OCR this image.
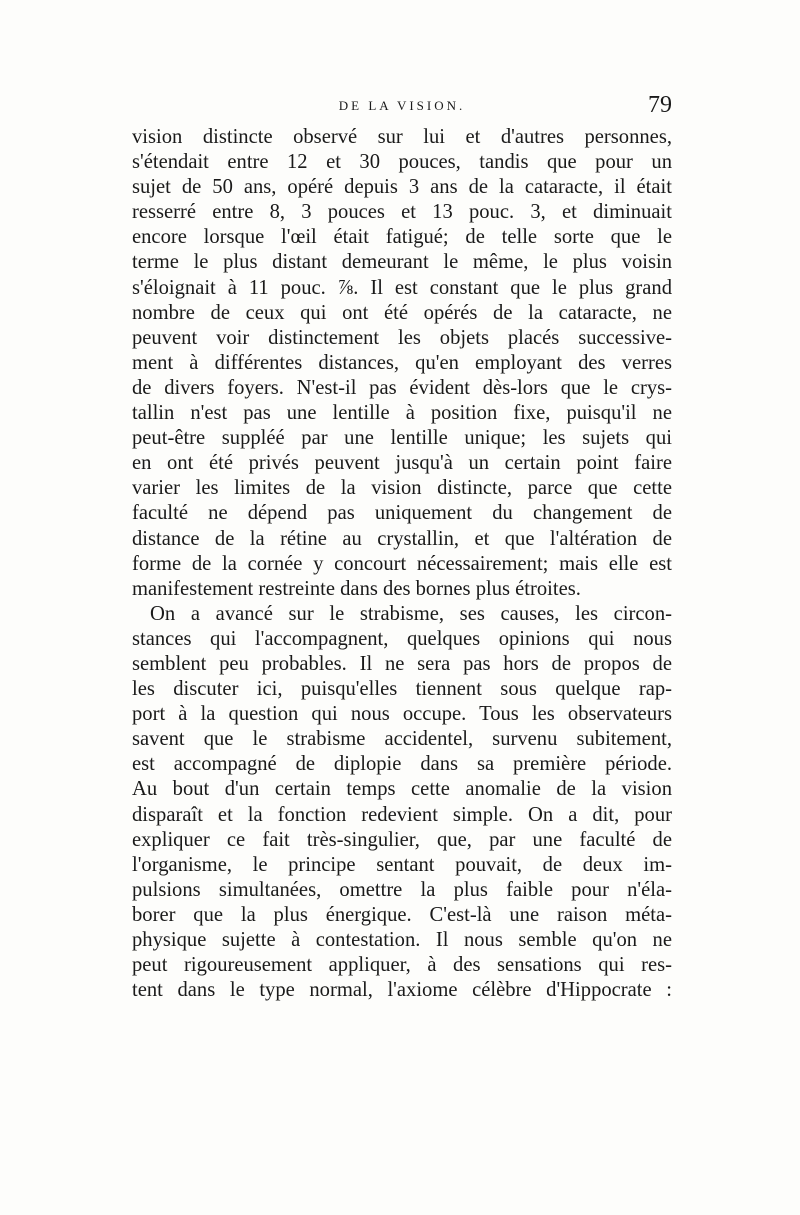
DE LA VISION.	79
vision distincte observé sur lui et d'autres personnes,
s'étendait entre 12 et 30 pouces, tandis que pour un
sujet de 50 ans, opéré depuis 3 ans de la cataracte, il était
resserré entre 8, 3 pouces et 13 pouc. 3, et diminuait
encore lorsque l'œil était fatigué; de telle sorte que le
terme le plus distant demeurant le même, le plus voisin
s'éloignait à 11 pouc. ⅞. Il est constant que le plus grand
nombre de ceux qui ont été opérés de la cataracte, ne
peuvent voir distinctement les objets placés successive-
ment à différentes distances, qu'en employant des verres
de divers foyers. N'est-il pas évident dès-lors que le crys-
tallin n'est pas une lentille à position fixe, puisqu'il ne
peut-être suppléé par une lentille unique; les sujets qui
en ont été privés peuvent jusqu'à un certain point faire
varier les limites de la vision distincte, parce que cette
faculté ne dépend pas uniquement du changement de
distance de la rétine au crystallin, et que l'altération de
forme de la cornée y concourt nécessairement; mais elle est
manifestement restreinte dans des bornes plus étroites.
On a avancé sur le strabisme, ses causes, les circon-
stances qui l'accompagnent, quelques opinions qui nous
semblent peu probables. Il ne sera pas hors de propos de
les discuter ici, puisqu'elles tiennent sous quelque rap-
port à la question qui nous occupe. Tous les observateurs
savent que le strabisme accidentel, survenu subitement,
est accompagné de diplopie dans sa première période.
Au bout d'un certain temps cette anomalie de la vision
disparaît et la fonction redevient simple. On a dit, pour
expliquer ce fait très-singulier, que, par une faculté de
l'organisme, le principe sentant pouvait, de deux im-
pulsions simultanées, omettre la plus faible pour n'éla-
borer que la plus énergique. C'est-là une raison méta-
physique sujette à contestation. Il nous semble qu'on ne
peut rigoureusement appliquer, à des sensations qui res-
tent dans le type normal, l'axiome célèbre d'Hippocrate :
